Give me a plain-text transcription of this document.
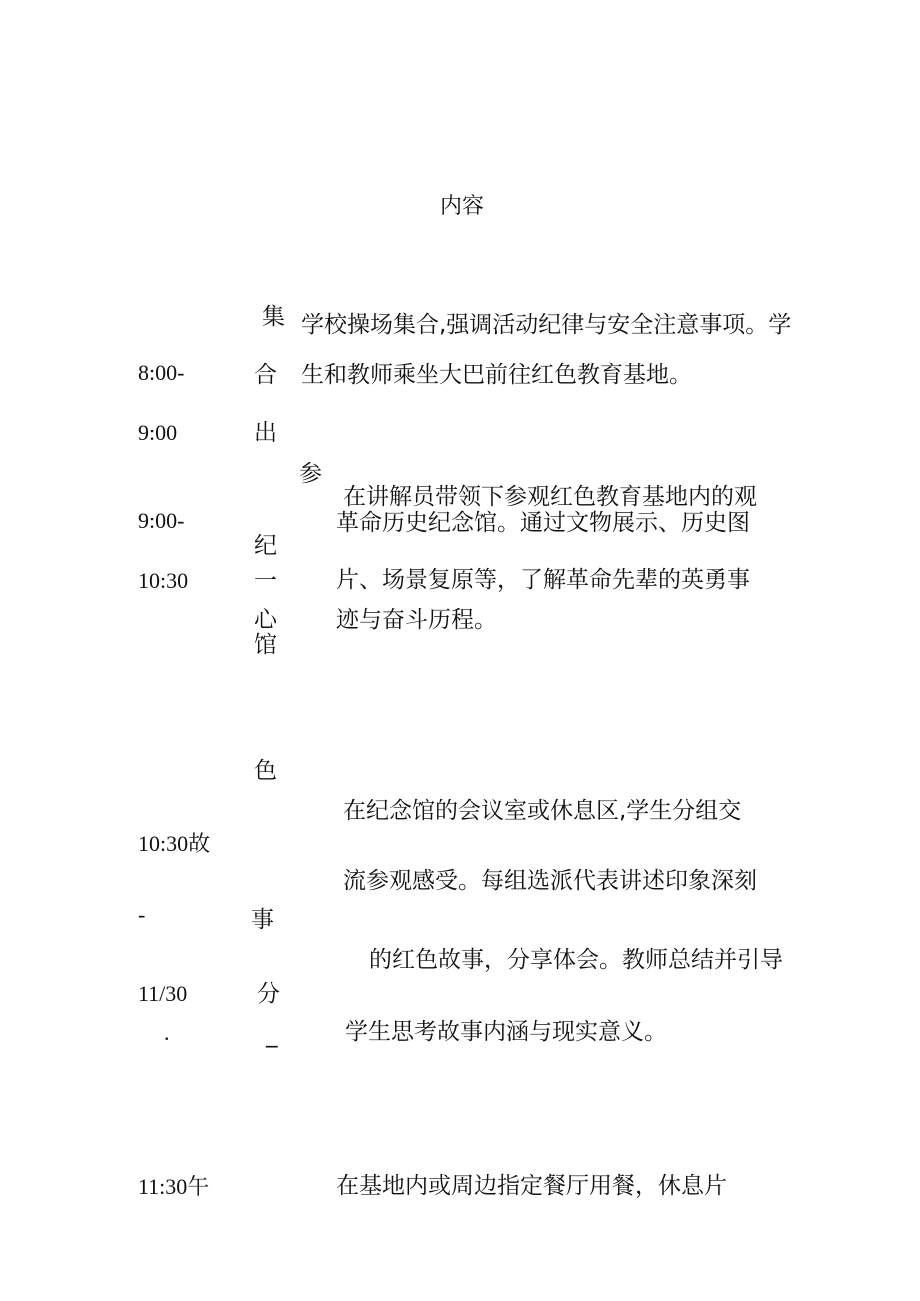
内容
8:00-
9:00
集
合
出
学校操场集合,强调活动纪律与安全注意事项。学
生和教师乘坐大巴前往红色教育基地。
9:00-
10:30
参
纪
一
心
馆
在讲解员带领下参观红色教育基地内的观
革命历史纪念馆。通过文物展示、历史图
片、场景复原等，了解革命先辈的英勇事
迹与奋斗历程。
10:30故
-
11/30
.
色
事
分
_
在纪念馆的会议室或休息区,学生分组交
流参观感受。每组选派代表讲述印象深刻
的红色故事，分享体会。教师总结并引导
学生思考故事内涵与现实意义。
11:30午	在基地内或周边指定餐厅用餐，休息片
